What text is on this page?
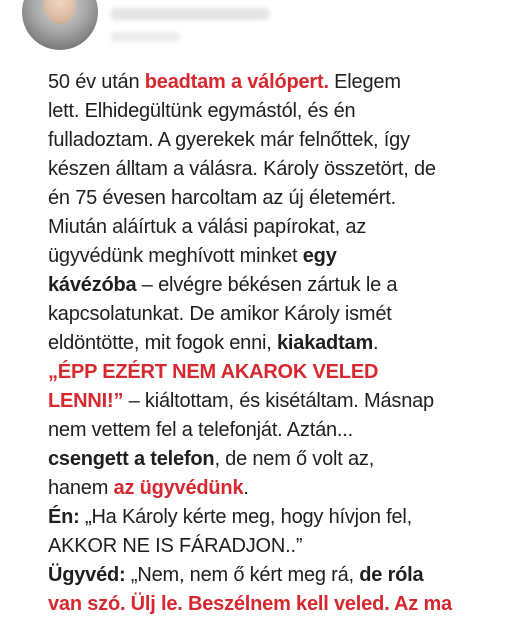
50 év után beadtam a válópert. Elegem
lett. Elhidegültünk egymástól, és én
fulladoztam. A gyerekek már felnőttek, így
készen álltam a válásra. Károly összetört, de
én 75 évesen harcoltam az új életemért.
Miután aláírtuk a válási papírokat, az
ügyvédünk meghívott minket egy
kávézóba – elvégre békésen zártuk le a
kapcsolatunkat. De amikor Károly ismét
eldöntötte, mit fogok enni, kiakadtam.
„ÉPP EZÉRT NEM AKAROK VELED
LENNI!” – kiáltottam, és kisétáltam. Másnap
nem vettem fel a telefonját. Aztán...
csengett a telefon, de nem ő volt az,
hanem az ügyvédünk.
Én: „Ha Károly kérte meg, hogy hívjon fel,
AKKOR NE IS FÁRADJON..”
Ügyvéd: „Nem, nem ő kért meg rá, de róla
van szó. Ülj le. Beszélnem kell veled. Az ma
